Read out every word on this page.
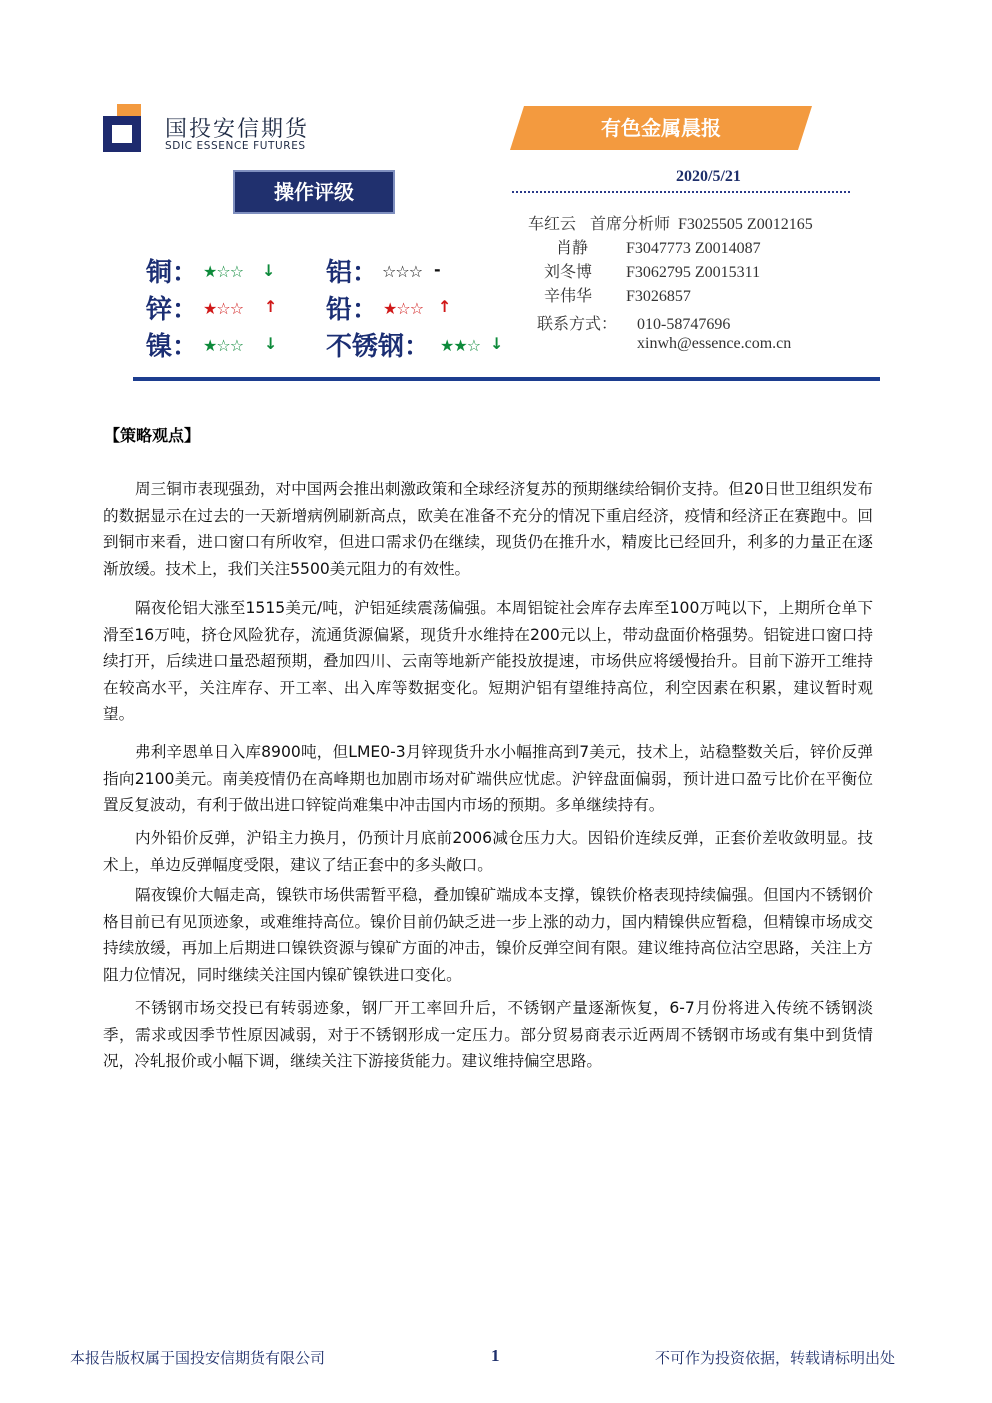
国投安信期货
SDIC ESSENCE FUTURES
有色金属晨报
2020/5/21
操作评级
铜： ★☆☆ ↓ 铝： ☆☆☆ -
锌： ★☆☆ ↑ 铅： ★☆☆ ↑
镍： ★☆☆ ↓ 不锈钢： ★★☆ ↓
车红云 首席分析师 F3025505 Z0012165
肖静 F3047773 Z0014087
刘冬博 F3062795 Z0015311
辛伟华 F3026857
联系方式： 010-58747696
xinwh@essence.com.cn
【策略观点】
周三铜市表现强劲，对中国两会推出刺激政策和全球经济复苏的预期继续给铜价支持。但20日世卫组织发布的数据显示在过去的一天新增病例刷新高点，欧美在准备不充分的情况下重启经济，疫情和经济正在赛跑中。回到铜市来看，进口窗口有所收窄，但进口需求仍在继续，现货仍在推升水，精废比已经回升，利多的力量正在逐渐放缓。技术上，我们关注5500美元阻力的有效性。
隔夜伦铝大涨至1515美元/吨，沪铝延续震荡偏强。本周铝锭社会库存去库至100万吨以下，上期所仓单下滑至16万吨，挤仓风险犹存，流通货源偏紧，现货升水维持在200元以上，带动盘面价格强势。铝锭进口窗口持续打开，后续进口量恐超预期，叠加四川、云南等地新产能投放提速，市场供应将缓慢抬升。目前下游开工维持在较高水平，关注库存、开工率、出入库等数据变化。短期沪铝有望维持高位，利空因素在积累，建议暂时观望。
弗利辛恩单日入库8900吨，但LME0-3月锌现货升水小幅推高到7美元，技术上，站稳整数关后，锌价反弹指向2100美元。南美疫情仍在高峰期也加剧市场对矿端供应忧虑。沪锌盘面偏弱，预计进口盈亏比价在平衡位置反复波动，有利于做出进口锌锭尚难集中冲击国内市场的预期。多单继续持有。
内外铅价反弹，沪铅主力换月，仍预计月底前2006减仓压力大。因铅价连续反弹，正套价差收敛明显。技术上，单边反弹幅度受限，建议了结正套中的多头敞口。
隔夜镍价大幅走高，镍铁市场供需暂平稳，叠加镍矿端成本支撑，镍铁价格表现持续偏强。但国内不锈钢价格目前已有见顶迹象，或难维持高位。镍价目前仍缺乏进一步上涨的动力，国内精镍供应暂稳，但精镍市场成交持续放缓，再加上后期进口镍铁资源与镍矿方面的冲击，镍价反弹空间有限。建议维持高位沽空思路，关注上方阻力位情况，同时继续关注国内镍矿镍铁进口变化。
不锈钢市场交投已有转弱迹象，钢厂开工率回升后，不锈钢产量逐渐恢复，6-7月份将进入传统不锈钢淡季，需求或因季节性原因减弱，对于不锈钢形成一定压力。部分贸易商表示近两周不锈钢市场或有集中到货情况，冷轧报价或小幅下调，继续关注下游接货能力。建议维持偏空思路。
本报告版权属于国投安信期货有限公司	1	不可作为投资依据，转载请标明出处
